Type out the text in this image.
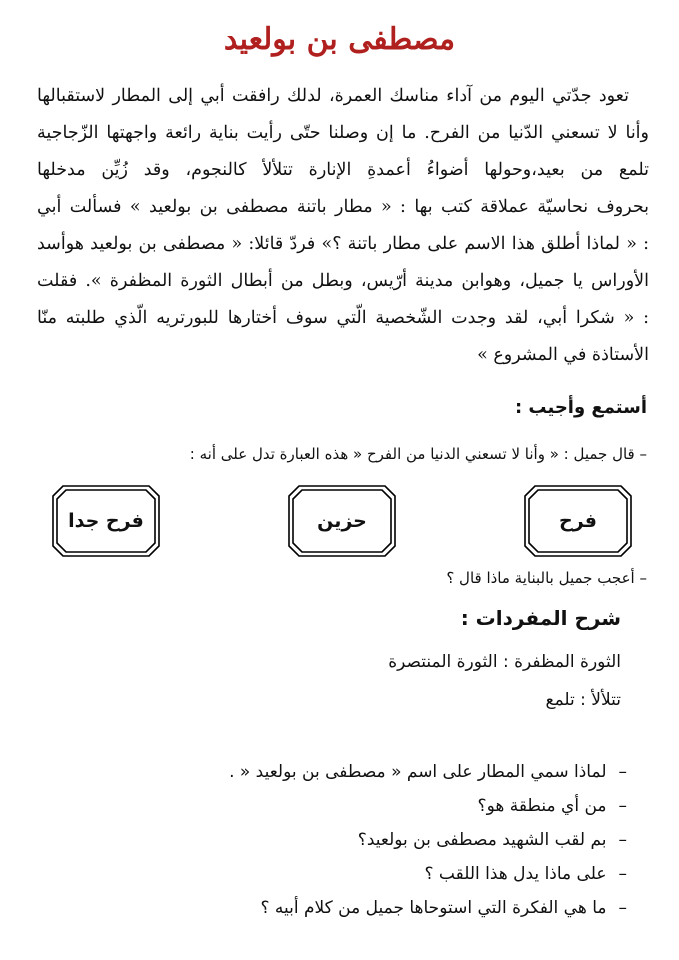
مصطفى بن بولعيد
تعود جدّتي اليوم من آداء مناسك العمرة، لدلك رافقت أبي إلى المطار لاستقبالها
وأنا لا تسعني الدّنيا من الفرح. ما إن وصلنا حتّى رأيت بناية رائعة واجهتها الزّجاجية
تلمع من بعيد،وحولها أضواءُ أعمدةِ الإنارة تتلألأ كالنجوم، وقد زُيِّن مدخلها
بحروف نحاسيّة عملاقة كتب بها : « مطار باتنة مصطفى بن بولعيد » فسألت أبي
: « لماذا أطلق هذا الاسم على مطار باتنة ؟» فردّ قائلا: « مصطفى بن بولعيد هوأسد
الأوراس يا جميل، وهوابن مدينة أرّيس، وبطل من أبطال الثورة المظفرة ». فقلت
: « شكرا أبي، لقد وجدت الشّخصية الّتي سوف أختارها للبورتريه الّذي طلبته منّا
الأستاذة في المشروع »
أستمع وأجيب :
– قال جميل : « وأنا لا تسعني الدنيا من الفرح « هذه العبارة تدل على أنه :
فرح
حزين
فرح جدا
– أعجب جميل بالبناية ماذا قال ؟
شرح المفردات :
الثورة المظفرة : الثورة المنتصرة
تتلألأ : تلمع
–لماذا سمي المطار على اسم « مصطفى بن بولعيد « .
–من أي منطقة هو؟
–بم لقب الشهيد مصطفى بن بولعيد؟
–على ماذا يدل هذا اللقب ؟
–ما هي الفكرة التي استوحاها جميل من كلام أبيه ؟
